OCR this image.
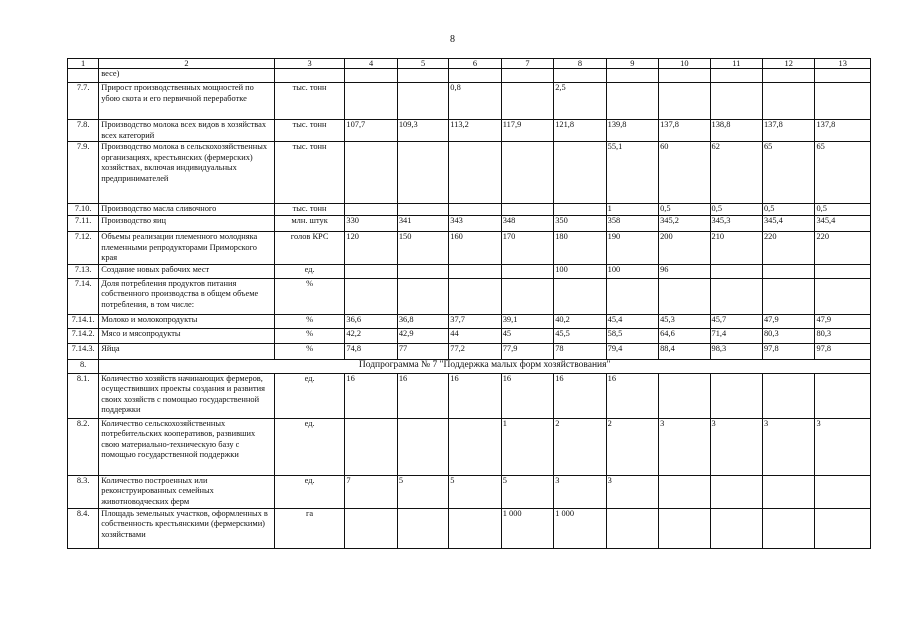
8
1	2	3	4	5	6	7	8	9	10	11	12	13
	весе)											
7.7.	Прирост производственных мощностей по убою скота и его первичной переработке	тыс. тонн			0,8		2,5					
7.8.	Производство молока всех видов в хозяйствах всех категорий	тыс. тонн	107,7	109,3	113,2	117,9	121,8	139,8	137,8	138,8	137,8	137,8
7.9.	Производство молока в сельскохозяйственных организациях, крестьянских (фермерских) хозяйствах, включая индивидуальных предпринимателей	тыс. тонн						55,1	60	62	65	65
7.10.	Производство масла сливочного	тыс. тонн						1	0,5	0,5	0,5	0,5
7.11.	Производство яиц	млн. штук	330	341	343	348	350	358	345,2	345,3	345,4	345,4
7.12.	Объемы реализации племенного молодняка племенными репродукторами Приморского края	голов КРС	120	150	160	170	180	190	200	210	220	220
7.13.	Создание новых рабочих мест	ед.					100	100	96			
7.14.	Доля потребления продуктов питания собственного производства в общем объеме потребления, в том числе:	%										
7.14.1.	Молоко и молокопродукты	%	36,6	36,8	37,7	39,1	40,2	45,4	45,3	45,7	47,9	47,9
7.14.2.	Мясо и мясопродукты	%	42,2	42,9	44	45	45,5	58,5	64,6	71,4	80,3	80,3
7.14.3.	Яйца	%	74,8	77	77,2	77,9	78	79,4	88,4	98,3	97,8	97,8
8.	Подпрограмма № 7 "Поддержка малых форм хозяйствования"											
8.1.	Количество хозяйств начинающих фермеров, осуществивших проекты создания и развития своих хозяйств с помощью государственной поддержки	ед.	16	16	16	16	16	16				
8.2.	Количество сельскохозяйственных потребительских кооперативов, развивших свою материально-техническую базу с помощью государственной поддержки	ед.				1	2	2	3	3	3	3
8.3.	Количество построенных или реконструированных семейных животноводческих ферм	ед.	7	5	5	5	3	3				
8.4.	Площадь земельных участков, оформленных в собственность крестьянскими (фермерскими) хозяйствами	га				1 000	1 000					
